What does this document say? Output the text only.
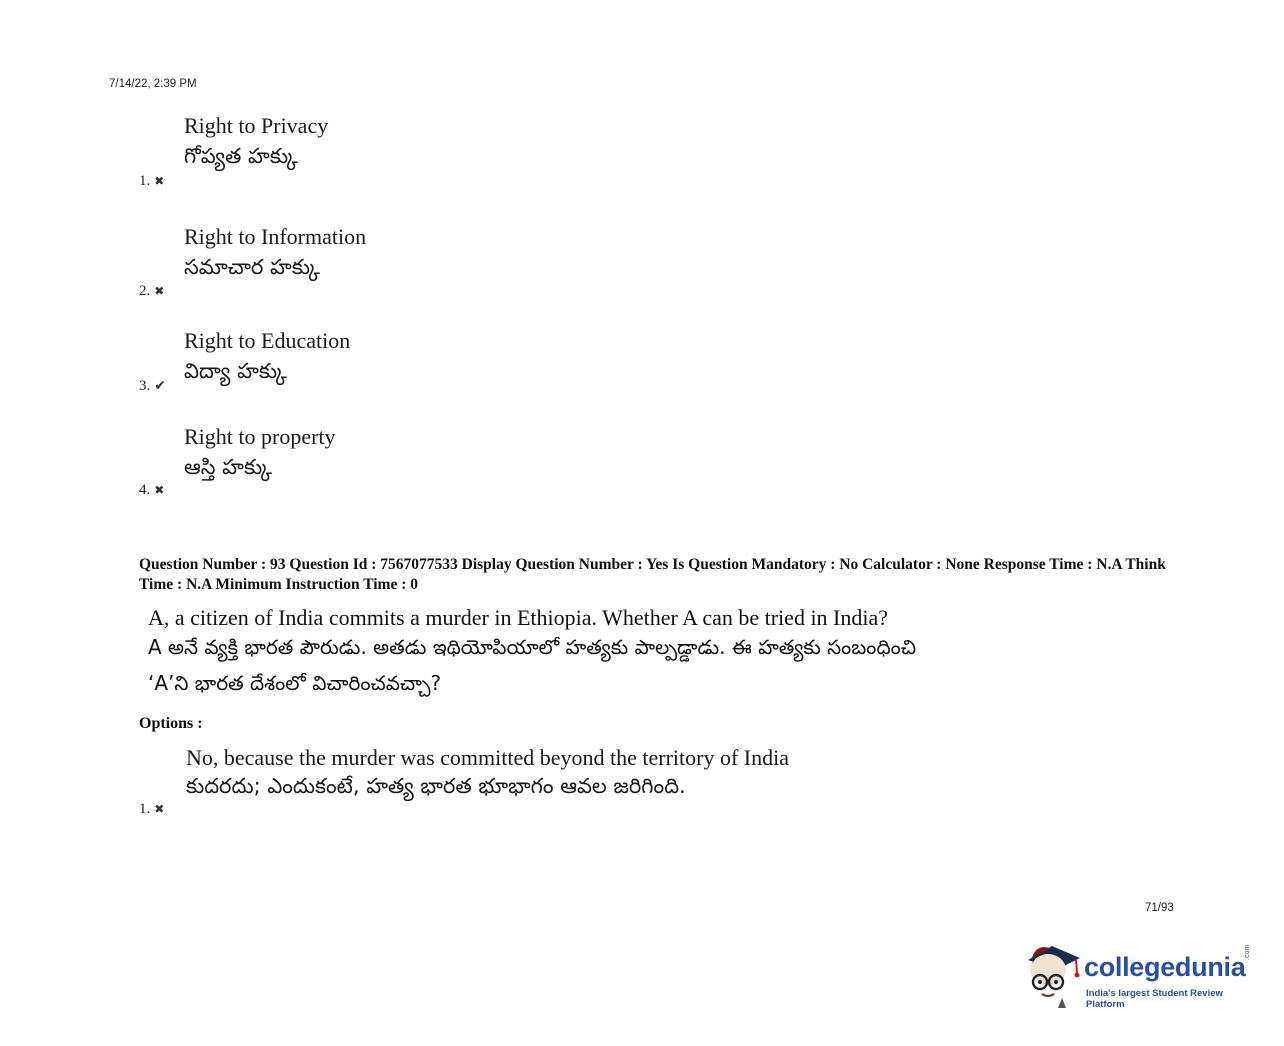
7/14/22, 2:39 PM
Right to Privacy
గోప్యత హక్కు
1. ✖
Right to Information
సమాచార హక్కు
2. ✖
Right to Education
విద్యా హక్కు
3. ✔
Right to property
ఆస్తి హక్కు
4. ✖
Question Number : 93 Question Id : 7567077533 Display Question Number : Yes Is Question Mandatory : No Calculator : None Response Time : N.A Think Time : N.A Minimum Instruction Time : 0
A, a citizen of India commits a murder in Ethiopia. Whether A can be tried in India?
A అనే వ్యక్తి భారత పౌరుడు. అతడు ఇథియోపియాలో హత్యకు పాల్పడ్డాడు. ఈ హత్యకు సంబంధించి
‘A’ని భారత దేశంలో విచారించవచ్చా?
Options :
No, because the murder was committed beyond the territory of India
కుదరదు; ఎందుకంటే, హత్య భారత భూభాగం ఆవల జరిగింది.
1. ✖
71/93
collegedunia
.com
India's largest Student Review Platform
